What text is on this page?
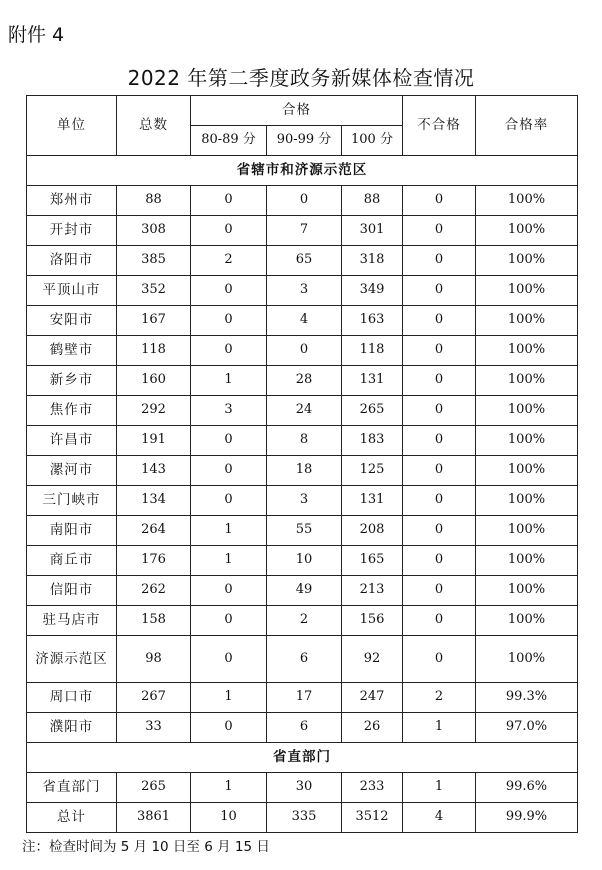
附件 4
2022 年第二季度政务新媒体检查情况
单位	总数	合格			不合格	合格率
		80-89 分	90-99 分	100 分		
省辖市和济源示范区						
郑州市	88	0	0	88	0	100%
开封市	308	0	7	301	0	100%
洛阳市	385	2	65	318	0	100%
平顶山市	352	0	3	349	0	100%
安阳市	167	0	4	163	0	100%
鹤壁市	118	0	0	118	0	100%
新乡市	160	1	28	131	0	100%
焦作市	292	3	24	265	0	100%
许昌市	191	0	8	183	0	100%
漯河市	143	0	18	125	0	100%
三门峡市	134	0	3	131	0	100%
南阳市	264	1	55	208	0	100%
商丘市	176	1	10	165	0	100%
信阳市	262	0	49	213	0	100%
驻马店市	158	0	2	156	0	100%
济源示范区	98	0	6	92	0	100%
周口市	267	1	17	247	2	99.3%
濮阳市	33	0	6	26	1	97.0%
省直部门						
省直部门	265	1	30	233	1	99.6%
总计	3861	10	335	3512	4	99.9%
注：检查时间为 5 月 10 日至 6 月 15 日
